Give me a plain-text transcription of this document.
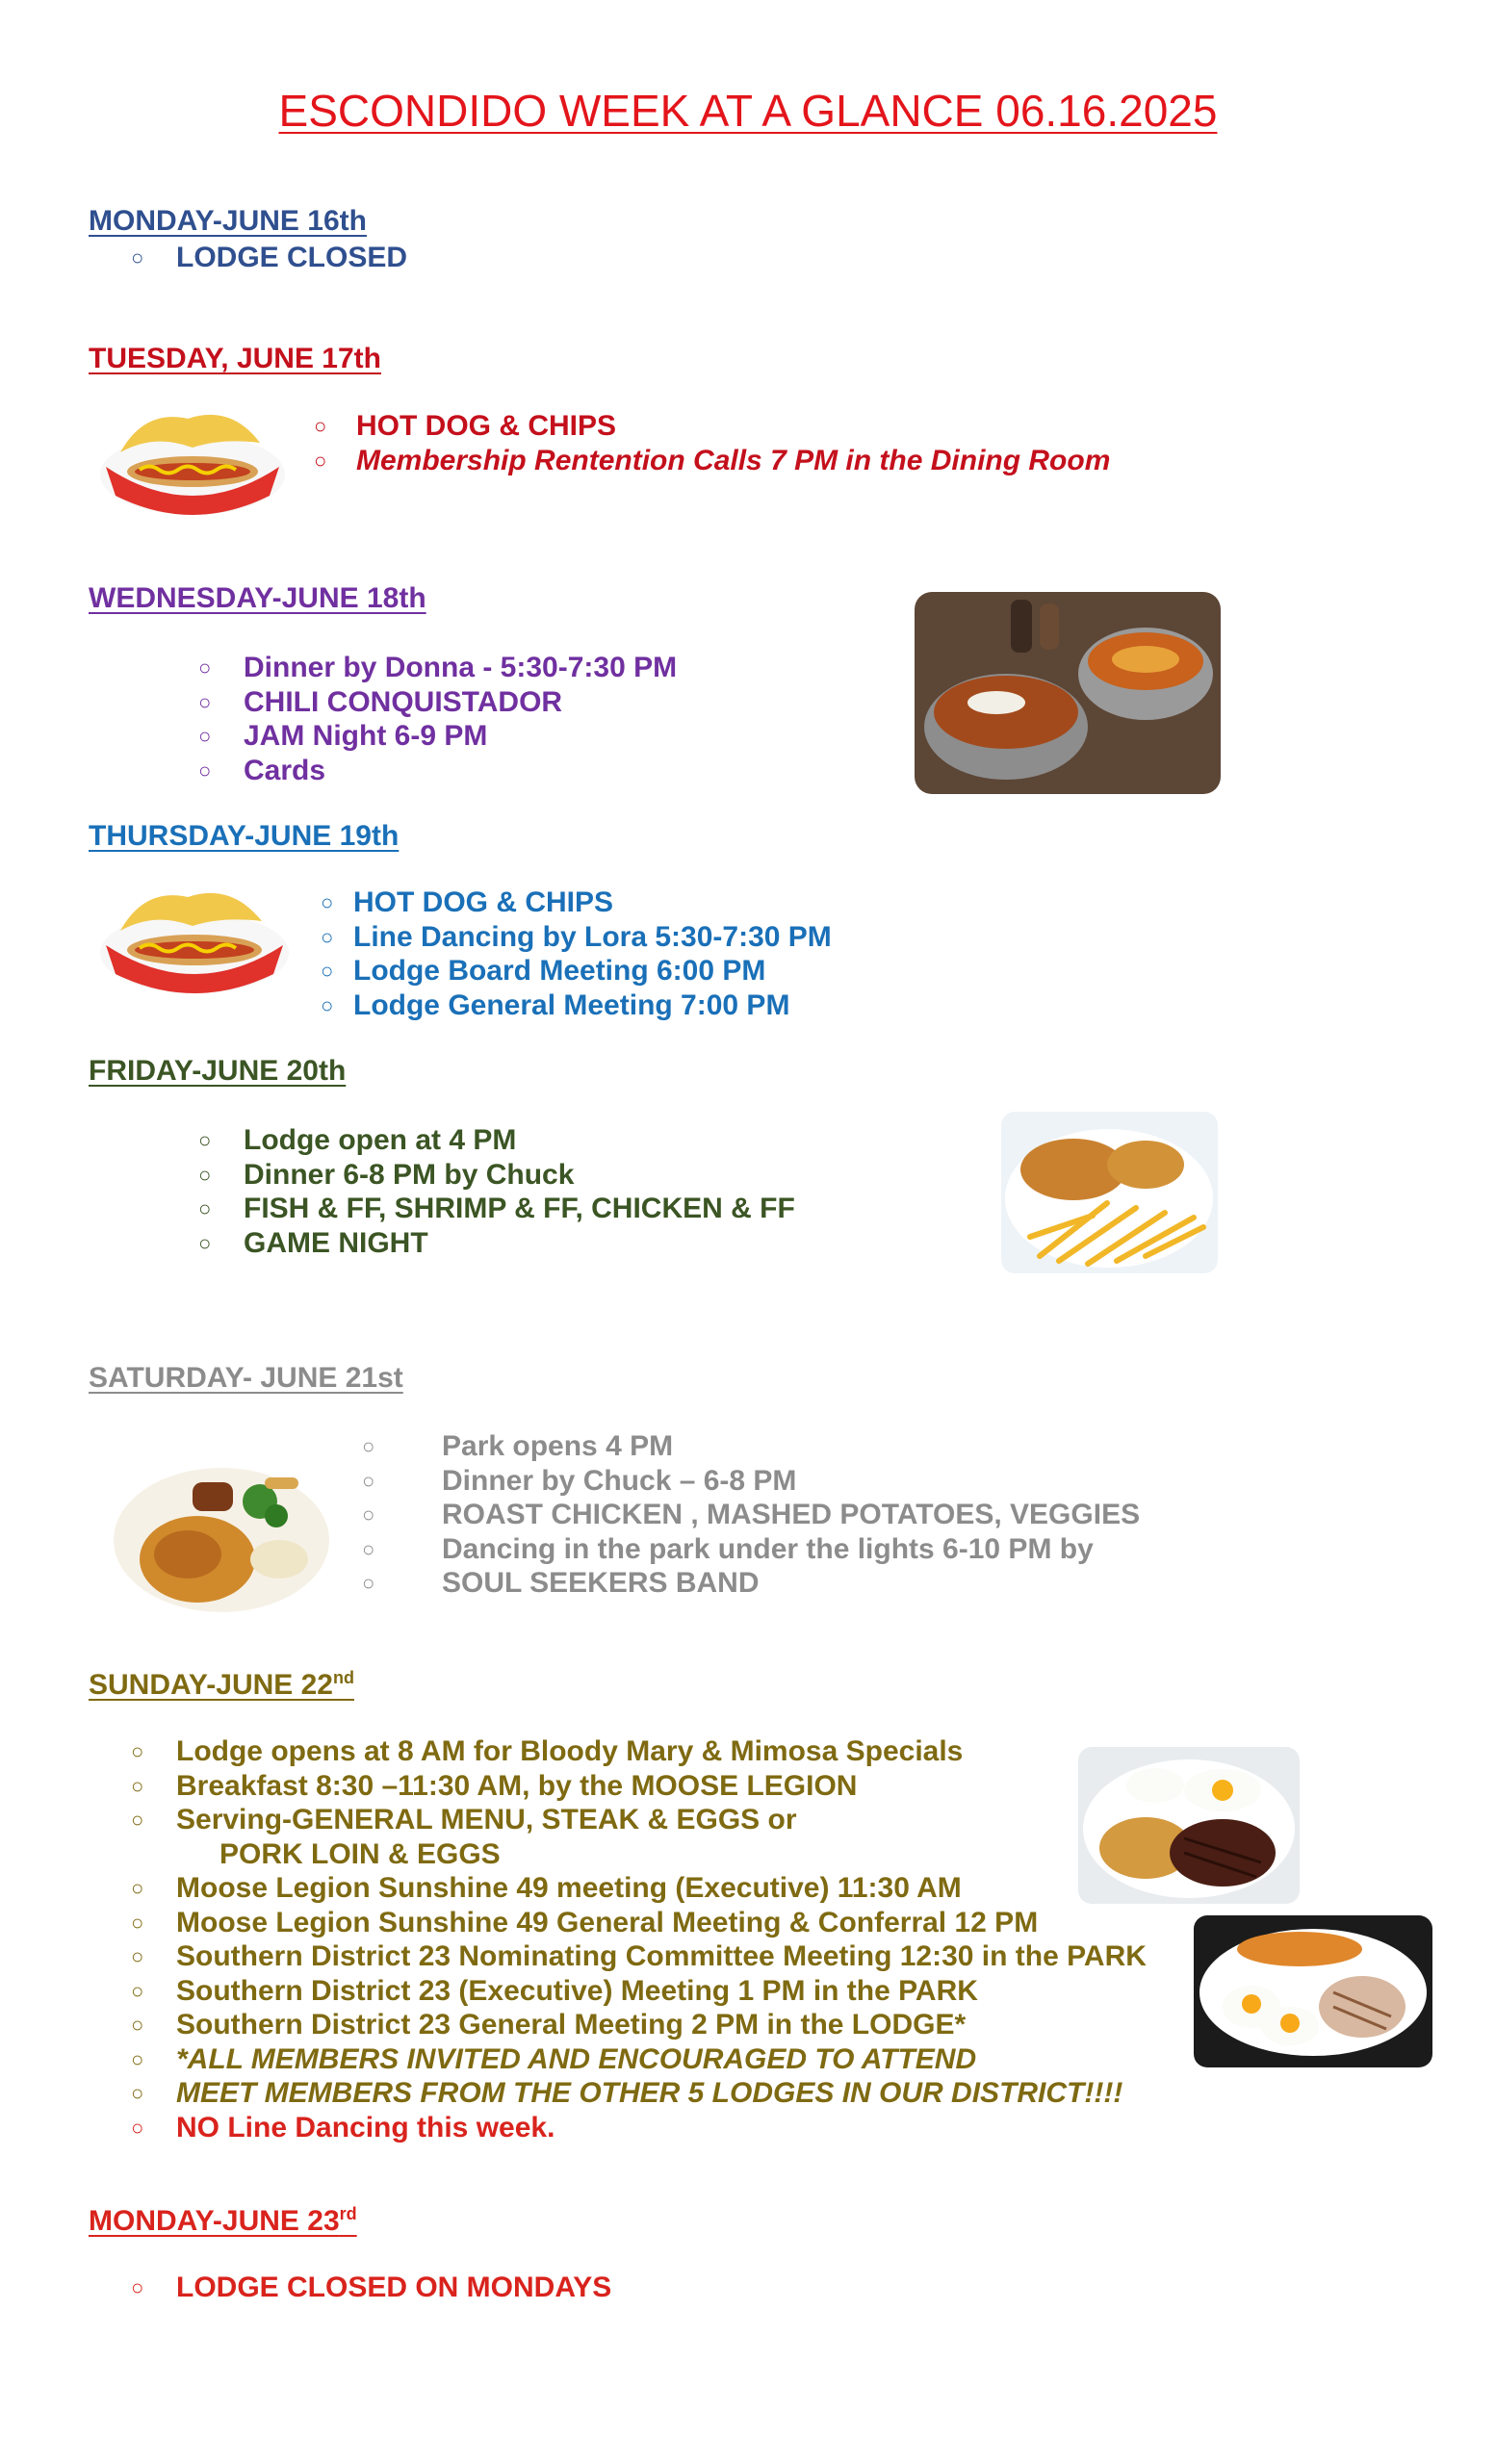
ESCONDIDO WEEK AT A GLANCE 06.16.2025
MONDAY-JUNE 16th
○ LODGE CLOSED
TUESDAY, JUNE 17th
○ HOT DOG & CHIPS
○ Membership Rentention Calls 7 PM in the Dining Room
WEDNESDAY-JUNE 18th
○ Dinner by Donna - 5:30-7:30 PM
○ CHILI CONQUISTADOR
○ JAM Night 6-9 PM
○ Cards
THURSDAY-JUNE 19th
○ HOT DOG & CHIPS
○ Line Dancing by Lora 5:30-7:30 PM
○ Lodge Board Meeting 6:00 PM
○ Lodge General Meeting 7:00 PM
FRIDAY-JUNE 20th
○ Lodge open at 4 PM
○ Dinner 6-8 PM by Chuck
○ FISH & FF, SHRIMP & FF, CHICKEN & FF
○ GAME NIGHT
SATURDAY- JUNE 21st
○ Park opens 4 PM
○ Dinner by Chuck – 6-8 PM
○ ROAST CHICKEN , MASHED POTATOES, VEGGIES
○ Dancing in the park under the lights 6-10 PM by
○ SOUL SEEKERS BAND
SUNDAY-JUNE 22nd
○ Lodge opens at 8 AM for Bloody Mary & Mimosa Specials
○ Breakfast 8:30 –11:30 AM, by the MOOSE LEGION
○ Serving-GENERAL MENU, STEAK & EGGS or
PORK LOIN & EGGS
○ Moose Legion Sunshine 49 meeting (Executive) 11:30 AM
○ Moose Legion Sunshine 49 General Meeting & Conferral 12 PM
○ Southern District 23 Nominating Committee Meeting 12:30 in the PARK
○ Southern District 23 (Executive) Meeting 1 PM in the PARK
○ Southern District 23 General Meeting 2 PM in the LODGE*
○ *ALL MEMBERS INVITED AND ENCOURAGED TO ATTEND
○ MEET MEMBERS FROM THE OTHER 5 LODGES IN OUR DISTRICT!!!!
○ NO Line Dancing this week.
MONDAY-JUNE 23rd
○ LODGE CLOSED ON MONDAYS
